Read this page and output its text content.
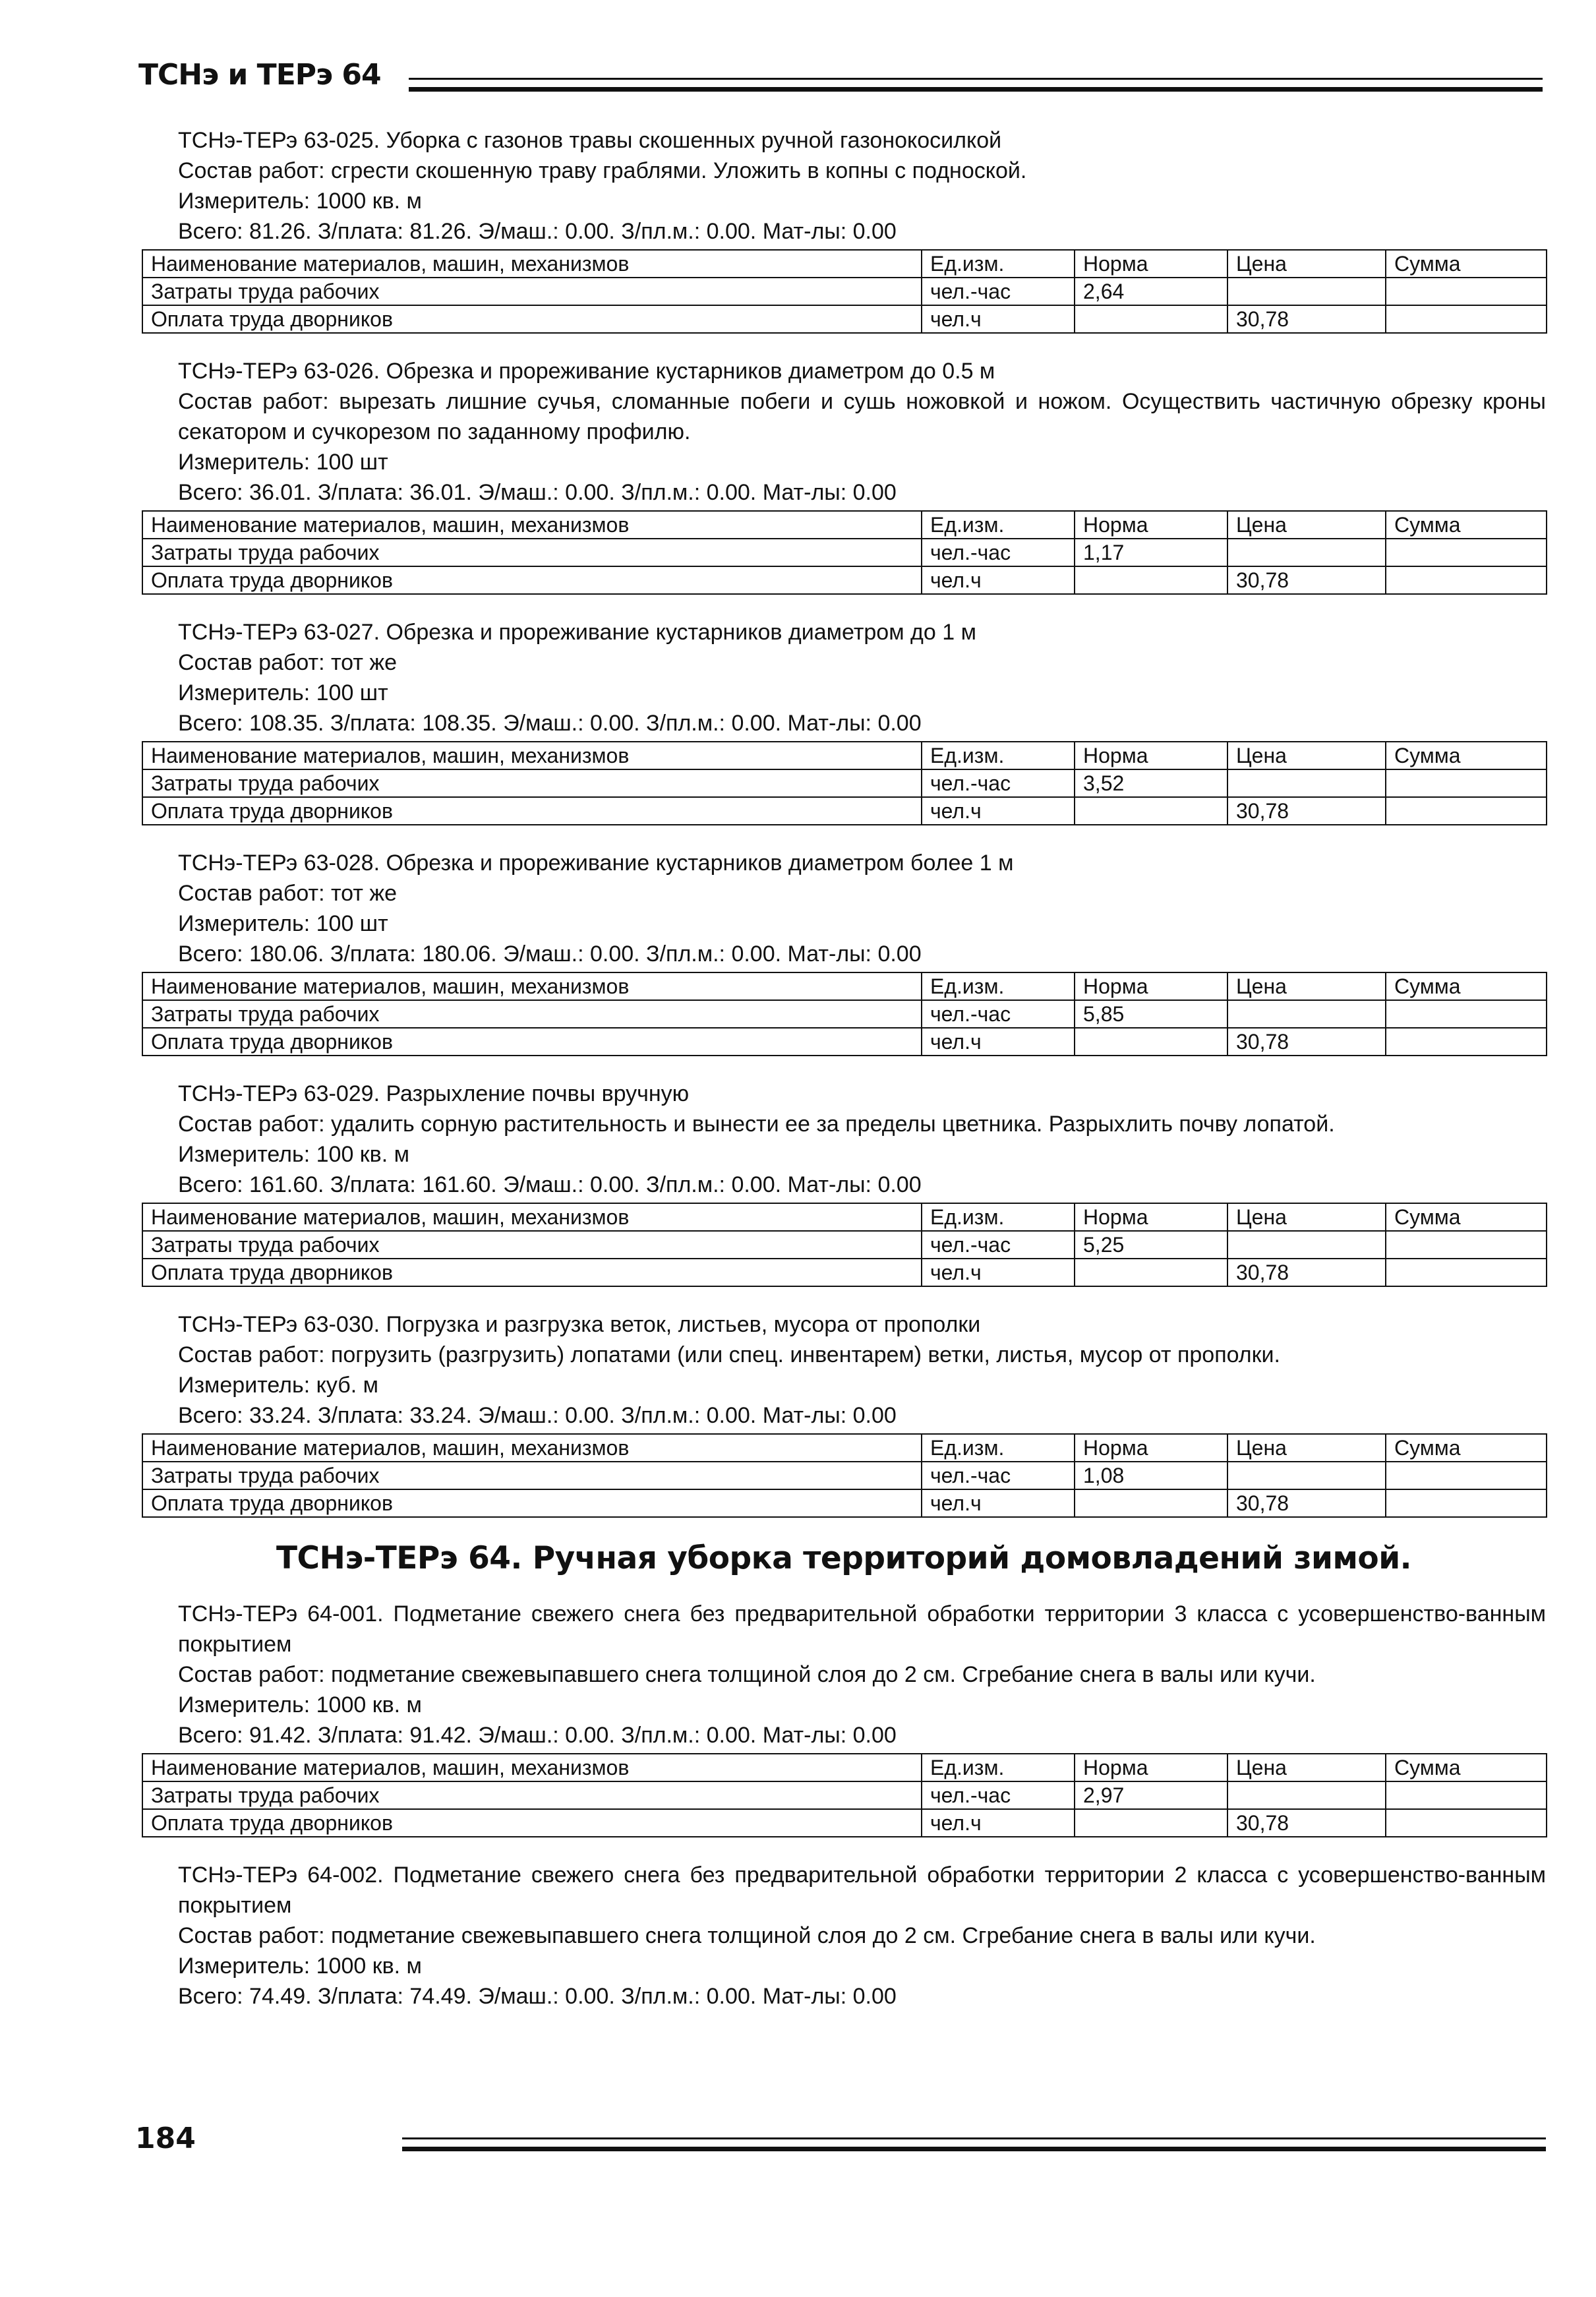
ТСНэ и ТЕРэ 64
ТСНэ-ТЕРэ 63-025. Уборка с газонов травы скошенных ручной газонокосилкой
Состав работ: сгрести скошенную траву граблями. Уложить в копны с подноской.
Измеритель: 1000 кв. м
Всего: 81.26. З/плата: 81.26. Э/маш.: 0.00. З/пл.м.: 0.00. Мат-лы: 0.00
Наименование материалов, машин, механизмов	Ед.изм.	Норма	Цена	Сумма
Затраты труда рабочих	чел.-час	2,64		
Оплата труда дворников	чел.ч		30,78	
ТСНэ-ТЕРэ 63-026. Обрезка и прореживание кустарников диаметром до 0.5 м
Состав работ: вырезать лишние сучья, сломанные побеги и сушь ножовкой и ножом. Осуществить частичную обрезку кроны секатором и сучкорезом по заданному профилю.
Измеритель: 100 шт
Всего: 36.01. З/плата: 36.01. Э/маш.: 0.00. З/пл.м.: 0.00. Мат-лы: 0.00
Наименование материалов, машин, механизмов	Ед.изм.	Норма	Цена	Сумма
Затраты труда рабочих	чел.-час	1,17		
Оплата труда дворников	чел.ч		30,78	
ТСНэ-ТЕРэ 63-027. Обрезка и прореживание кустарников диаметром до 1 м
Состав работ: тот же
Измеритель: 100 шт
Всего: 108.35. З/плата: 108.35. Э/маш.: 0.00. З/пл.м.: 0.00. Мат-лы: 0.00
Наименование материалов, машин, механизмов	Ед.изм.	Норма	Цена	Сумма
Затраты труда рабочих	чел.-час	3,52		
Оплата труда дворников	чел.ч		30,78	
ТСНэ-ТЕРэ 63-028. Обрезка и прореживание кустарников диаметром более 1 м
Состав работ: тот же
Измеритель: 100 шт
Всего: 180.06. З/плата: 180.06. Э/маш.: 0.00. З/пл.м.: 0.00. Мат-лы: 0.00
Наименование материалов, машин, механизмов	Ед.изм.	Норма	Цена	Сумма
Затраты труда рабочих	чел.-час	5,85		
Оплата труда дворников	чел.ч		30,78	
ТСНэ-ТЕРэ 63-029. Разрыхление почвы вручную
Состав работ: удалить сорную растительность и вынести ее за пределы цветника. Разрыхлить почву лопатой.
Измеритель: 100 кв. м
Всего: 161.60. З/плата: 161.60. Э/маш.: 0.00. З/пл.м.: 0.00. Мат-лы: 0.00
Наименование материалов, машин, механизмов	Ед.изм.	Норма	Цена	Сумма
Затраты труда рабочих	чел.-час	5,25		
Оплата труда дворников	чел.ч		30,78	
ТСНэ-ТЕРэ 63-030. Погрузка и разгрузка веток, листьев, мусора от прополки
Состав работ: погрузить (разгрузить) лопатами (или спец. инвентарем) ветки, листья, мусор от прополки.
Измеритель: куб. м
Всего: 33.24. З/плата: 33.24. Э/маш.: 0.00. З/пл.м.: 0.00. Мат-лы: 0.00
Наименование материалов, машин, механизмов	Ед.изм.	Норма	Цена	Сумма
Затраты труда рабочих	чел.-час	1,08		
Оплата труда дворников	чел.ч		30,78	
ТСНэ-ТЕРэ 64. Ручная уборка территорий домовладений зимой.
ТСНэ-ТЕРэ 64-001. Подметание свежего снега без предварительной обработки территории 3 класса с усовершенство-ванным покрытием
Состав работ: подметание свежевыпавшего снега толщиной слоя до 2 см. Сгребание снега в валы или кучи.
Измеритель: 1000 кв. м
Всего: 91.42. З/плата: 91.42. Э/маш.: 0.00. З/пл.м.: 0.00. Мат-лы: 0.00
Наименование материалов, машин, механизмов	Ед.изм.	Норма	Цена	Сумма
Затраты труда рабочих	чел.-час	2,97		
Оплата труда дворников	чел.ч		30,78	
ТСНэ-ТЕРэ 64-002. Подметание свежего снега без предварительной обработки территории 2 класса с усовершенство-ванным покрытием
Состав работ: подметание свежевыпавшего снега толщиной слоя до 2 см. Сгребание снега в валы или кучи.
Измеритель: 1000 кв. м
Всего: 74.49. З/плата: 74.49. Э/маш.: 0.00. З/пл.м.: 0.00. Мат-лы: 0.00
184
